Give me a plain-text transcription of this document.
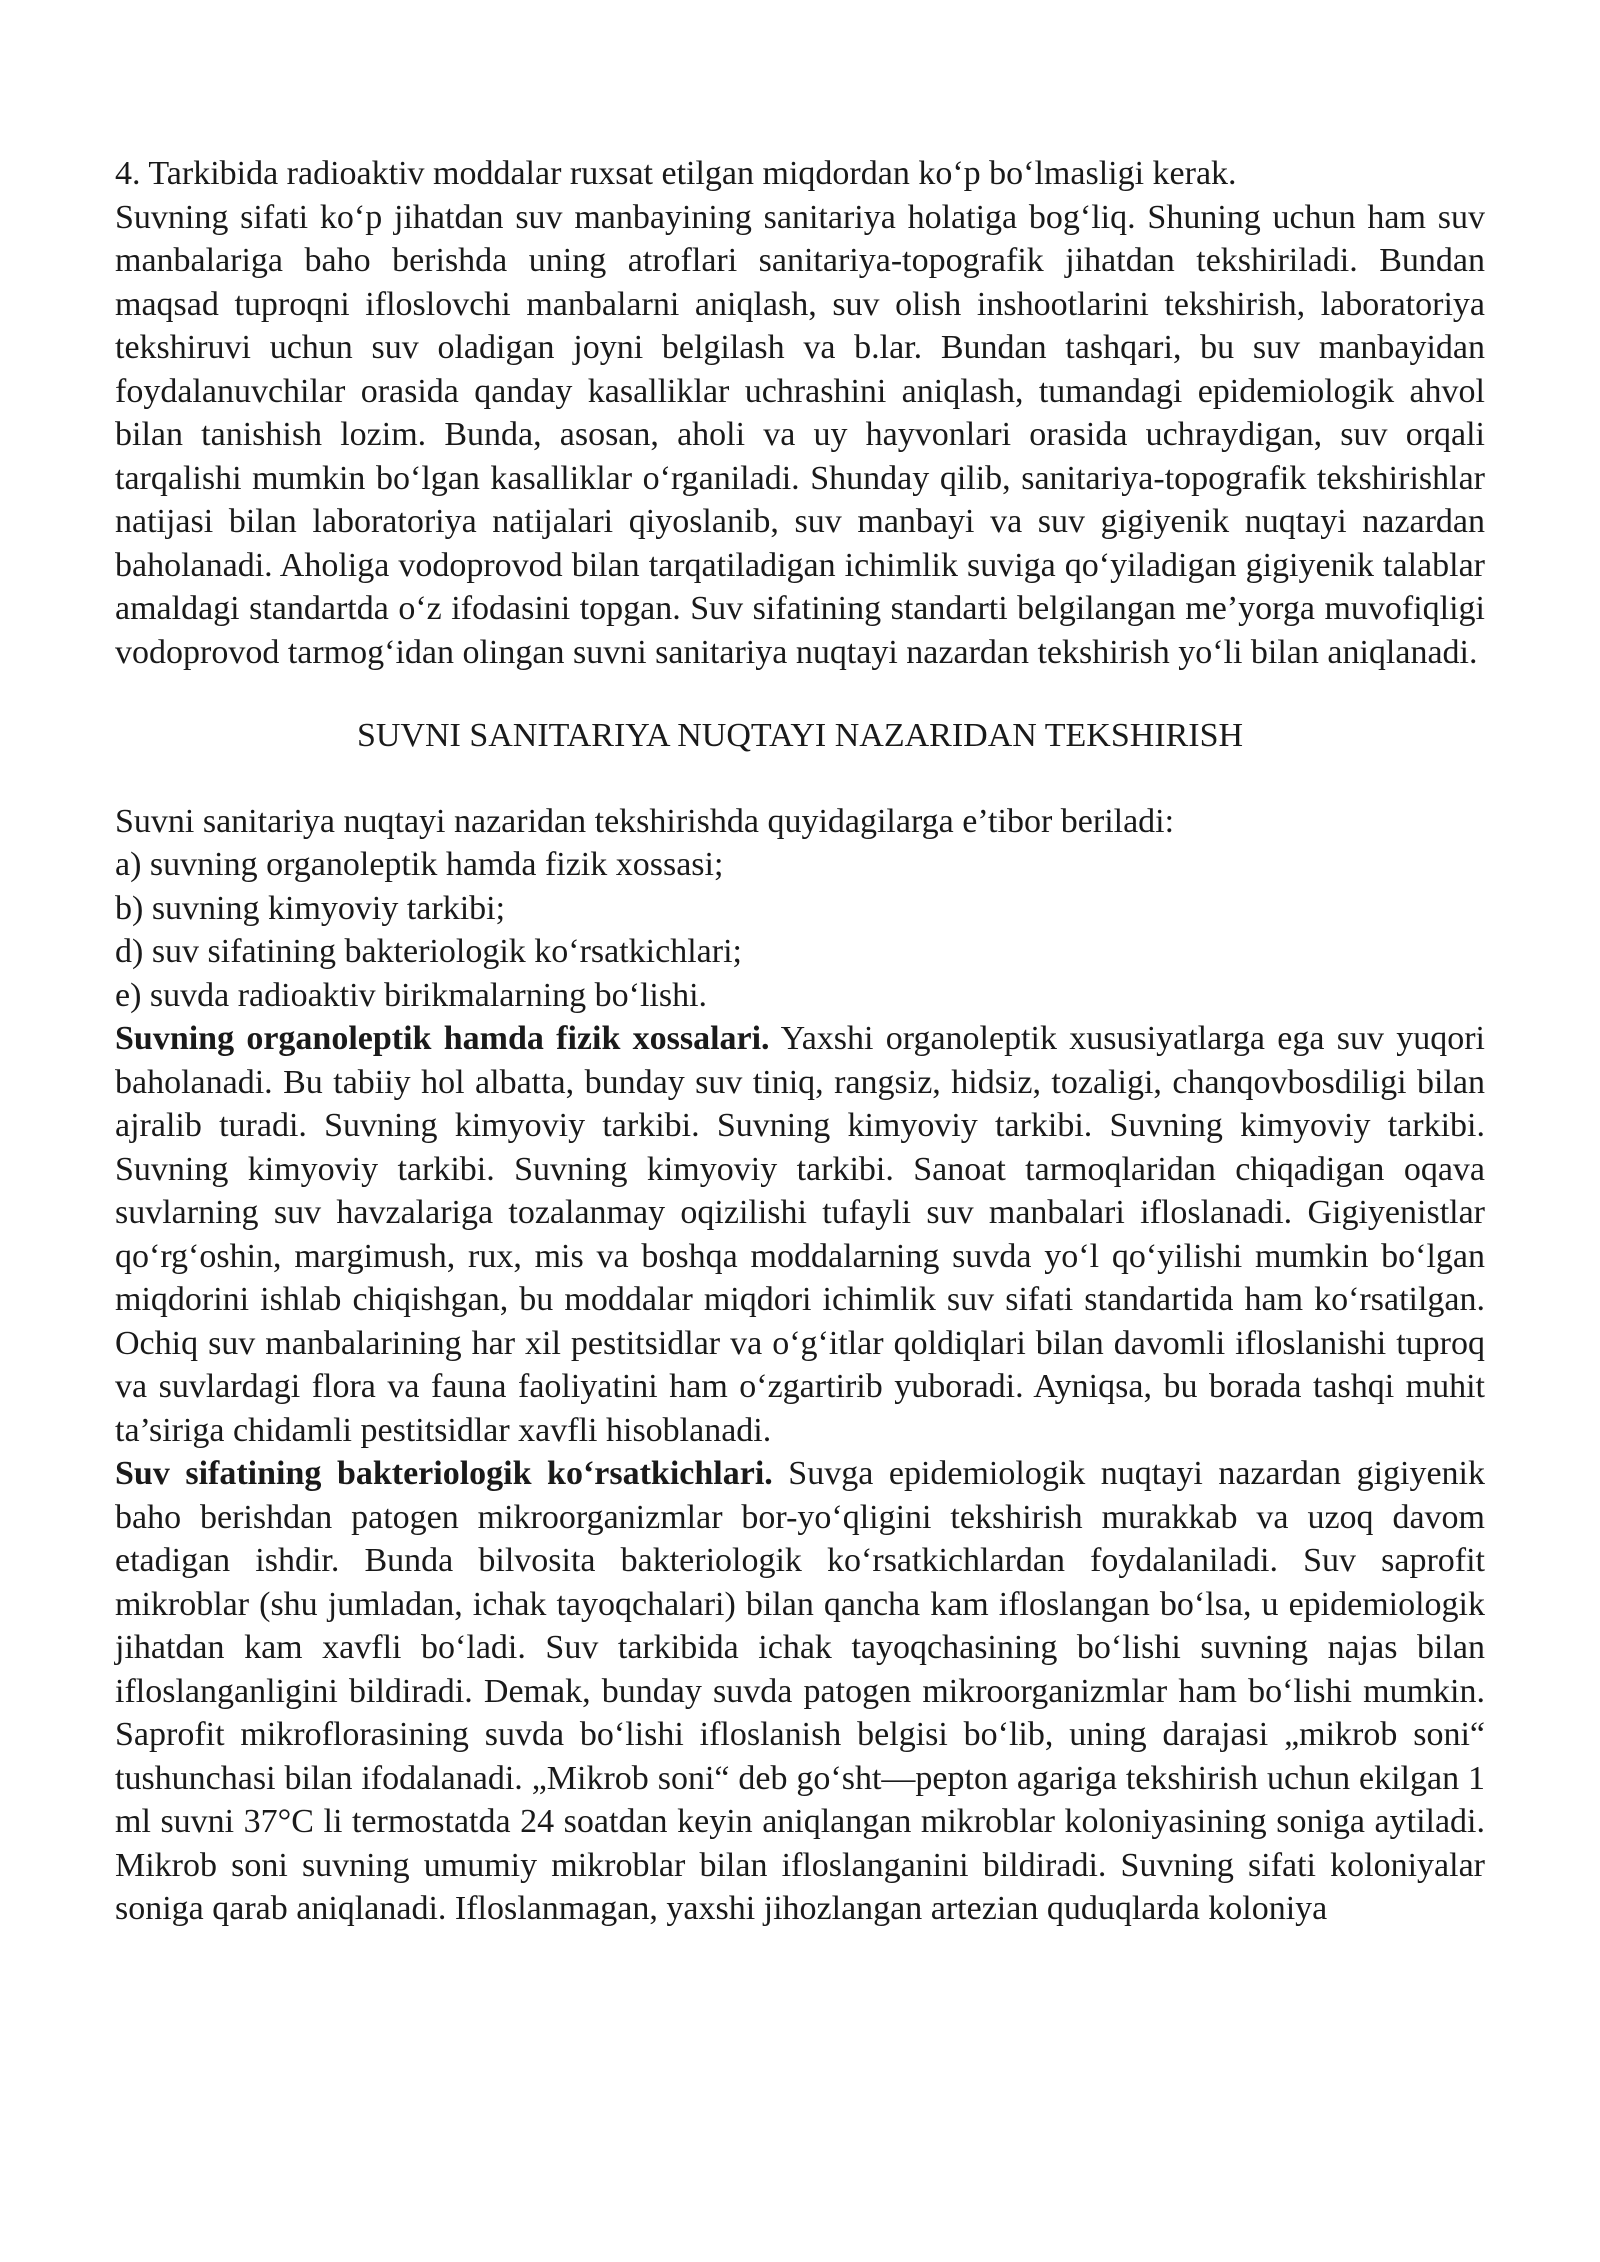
4. Tarkibida radioaktiv moddalar ruxsat etilgan miqdordan koʻp boʻlmasligi kerak.

Suvning sifati koʻp jihatdan suv manbayining sanitariya holatiga bogʻliq. Shuning uchun ham suv manbalariga baho berishda uning atroflari sanitariya-topografik jihatdan tekshiriladi. Bundan maqsad tuproqni ifloslovchi manbalarni aniqlash, suv olish inshootlarini tekshirish, laboratoriya tekshiruvi uchun suv oladigan joyni belgilash va b.lar. Bundan tashqari, bu suv manbayidan foydalanuvchilar orasida qanday kasalliklar uchrashini aniqlash, tumandagi epidemiologik ahvol bilan tanishish lozim. Bunda, asosan, aholi va uy hayvonlari orasida uchraydigan, suv orqali tarqalishi mumkin boʻlgan kasalliklar oʻrganiladi. Shunday qilib, sanitariya-topografik tekshirishlar natijasi bilan laboratoriya natijalari qiyoslanib, suv manbayi va suv gigiyenik nuqtayi nazardan baholanadi. Aholiga vodoprovod bilan tarqatiladigan ichimlik suviga qoʻyiladigan gigiyenik talablar amaldagi standartda oʻz ifodasini topgan. Suv sifatining standarti belgilangan me’yorga muvofiqligi vodoprovod tarmogʻidan olingan suvni sanitariya nuqtayi nazardan tekshirish yoʻli bilan aniqlanadi.

SUVNI SANITARIYA NUQTAYI NAZARIDAN TEKSHIRISH

Suvni sanitariya nuqtayi nazaridan tekshirishda quyidagilarga e’tibor beriladi:

a) suvning organoleptik hamda fizik xossasi;

b) suvning kimyoviy tarkibi;

d) suv sifatining bakteriologik koʻrsatkichlari;

e) suvda radioaktiv birikmalarning boʻlishi.

Suvning organoleptik hamda fizik xossalari. Yaxshi organoleptik xususiyatlarga ega suv yuqori baholanadi. Bu tabiiy hol albatta, bunday suv tiniq, rangsiz, hidsiz, tozaligi, chanqovbosdiligi bilan ajralib turadi. Suvning kimyoviy tarkibi. Suvning kimyoviy tarkibi. Suvning kimyoviy tarkibi. Suvning kimyoviy tarkibi. Suvning kimyoviy tarkibi. Sanoat tarmoqlaridan chiqadigan oqava suvlarning suv havzalariga tozalanmay oqizilishi tufayli suv manbalari ifloslanadi. Gigiyenistlar qoʻrgʻoshin, margimush, rux, mis va boshqa moddalarning suvda yoʻl qoʻyilishi mumkin boʻlgan miqdorini ishlab chiqishgan, bu moddalar miqdori ichimlik suv sifati standartida ham koʻrsatilgan. Ochiq suv manbalarining har xil pestitsidlar va oʻgʻitlar qoldiqlari bilan davomli ifloslanishi tuproq va suvlardagi flora va fauna faoliyatini ham oʻzgartirib yuboradi. Ayniqsa, bu borada tashqi muhit ta’siriga chidamli pestitsidlar xavfli hisoblanadi.

Suv sifatining bakteriologik koʻrsatkichlari. Suvga epidemiologik nuqtayi nazardan gigiyenik baho berishdan patogen mikroorganizmlar bor-yoʻqligini tekshirish murakkab va uzoq davom etadigan ishdir. Bunda bilvosita bakteriologik koʻrsatkichlardan foydalaniladi. Suv saprofit mikroblar (shu jumladan, ichak tayoqchalari) bilan qancha kam ifloslangan boʻlsa, u epidemiologik jihatdan kam xavfli boʻladi. Suv tarkibida ichak tayoqchasining boʻlishi suvning najas bilan ifloslanganligini bildiradi. Demak, bunday suvda patogen mikroorganizmlar ham boʻlishi mumkin. Saprofit mikroflorasining suvda boʻlishi ifloslanish belgisi boʻlib, uning darajasi „mikrob soni“ tushunchasi bilan ifodalanadi. „Mikrob soni“ deb goʻsht—pepton agariga tekshirish uchun ekilgan 1 ml suvni 37°C li termostatda 24 soatdan keyin aniqlangan mikroblar koloniyasining soniga aytiladi. Mikrob soni suvning umumiy mikroblar bilan ifloslanganini bildiradi. Suvning sifati koloniyalar soniga qarab aniqlanadi. Ifloslanmagan, yaxshi jihozlangan artezian quduqlarda koloniya
